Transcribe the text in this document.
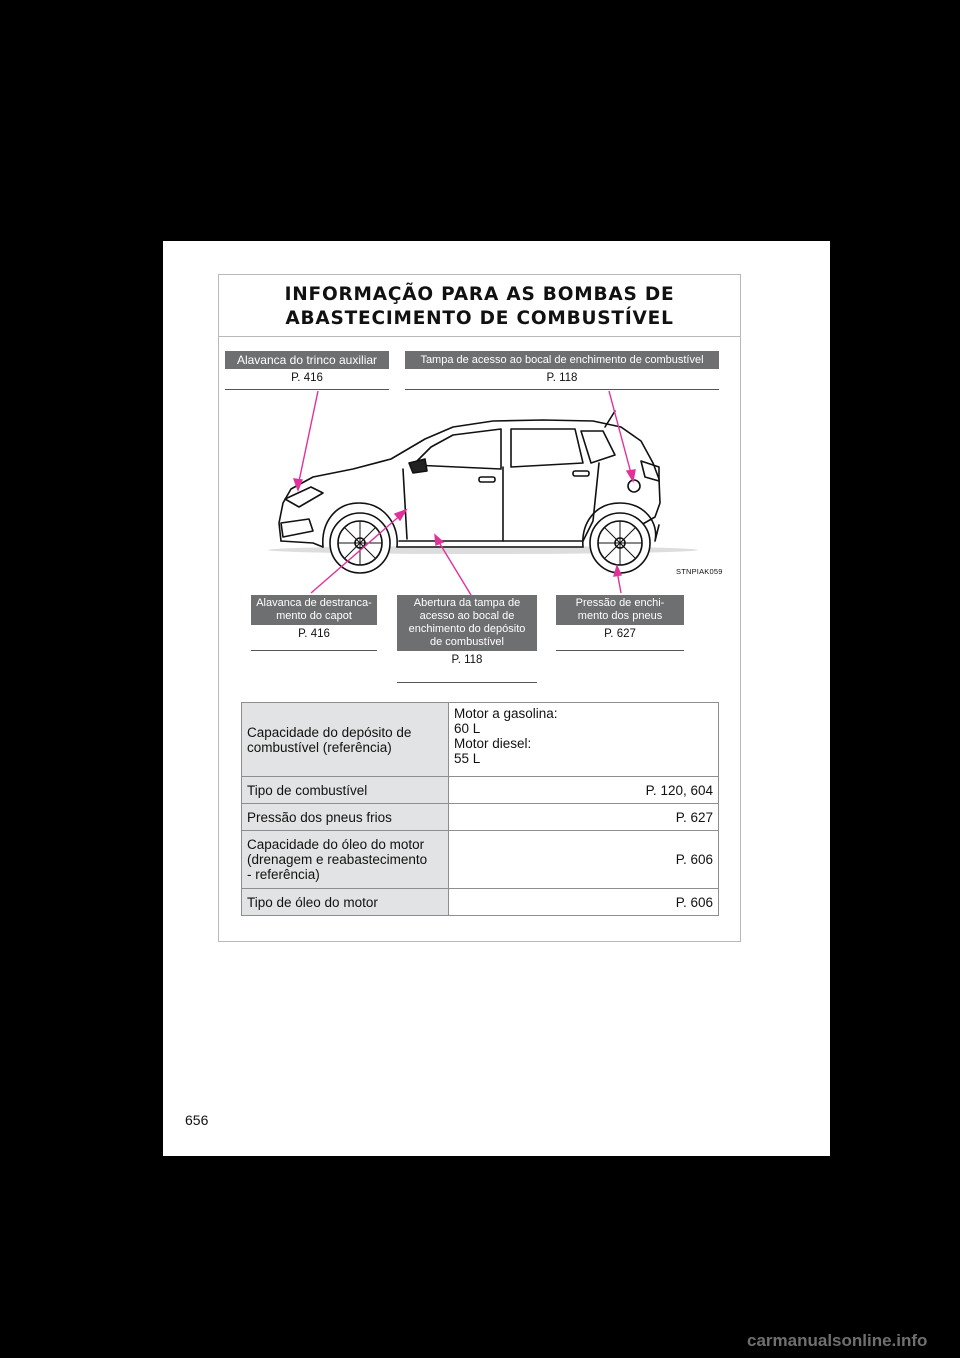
INFORMAÇÃO PARA AS BOMBAS DE
ABASTECIMENTO DE COMBUSTÍVEL
Alavanca do trinco auxiliar
P. 416
Tampa de acesso ao bocal de enchimento de combustível
P. 118
STNPIAK059
Alavanca de destranca-
mento do capot
P. 416
Abertura da tampa de
acesso ao bocal de
enchimento do depósito
de combustível
P. 118
Pressão de enchi-
mento dos pneus
P. 627
Capacidade do depósito de
combustível (referência)	Motor a gasolina:
60 L
Motor diesel:
55 L
Tipo de combustível	P. 120, 604
Pressão dos pneus frios	P. 627
Capacidade do óleo do motor
(drenagem e reabastecimento
- referência)	P. 606
Tipo de óleo do motor	P. 606
656
carmanualsonline.info
